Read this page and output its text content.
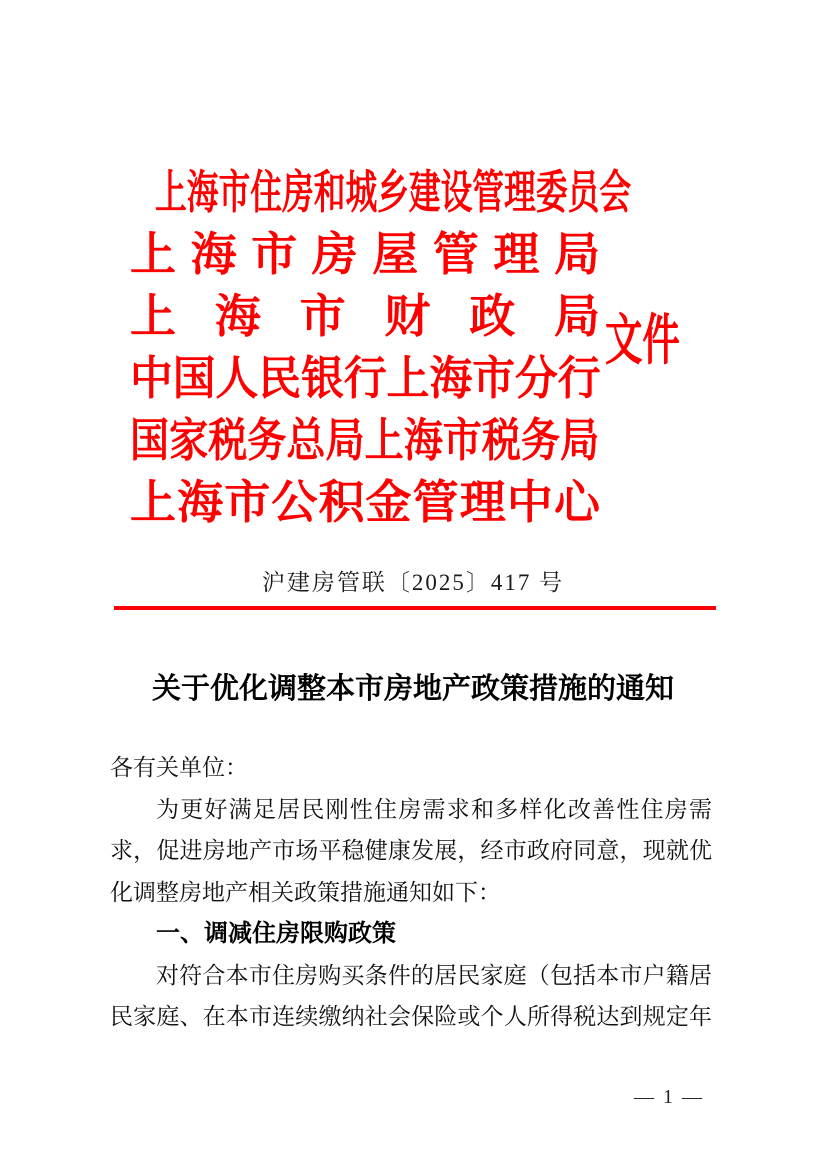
上海市住房和城乡建设管理委员会
上海市房屋管理局
上海市财政局
中国人民银行上海市分行
国家税务总局上海市税务局
上海市公积金管理中心
文件
沪建房管联〔2025〕417 号
关于优化调整本市房地产政策措施的通知
各有关单位：
为更好满足居民刚性住房需求和多样化改善性住房需
求，促进房地产市场平稳健康发展，经市政府同意，现就优
化调整房地产相关政策措施通知如下：
一、调减住房限购政策
对符合本市住房购买条件的居民家庭（包括本市户籍居
民家庭、在本市连续缴纳社会保险或个人所得税达到规定年
— 1 —
